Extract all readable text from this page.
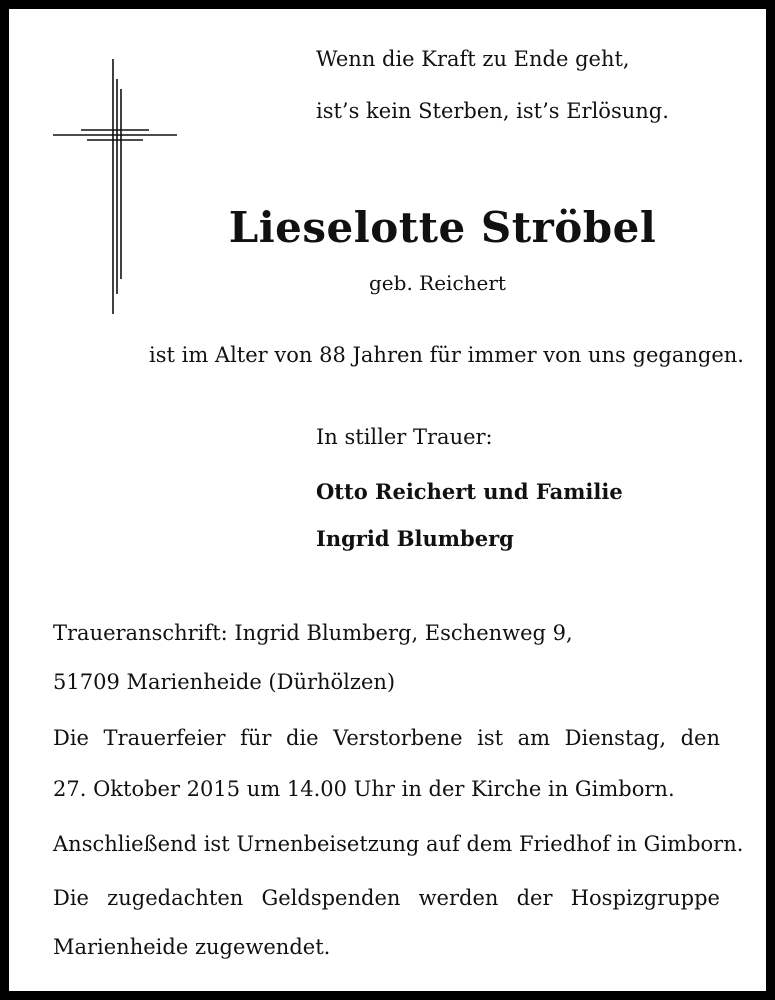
Wenn die Kraft zu Ende geht,
ist’s kein Sterben, ist’s Erlösung.
Lieselotte Ströbel
geb. Reichert
ist im Alter von 88 Jahren für immer von uns gegangen.
In stiller Trauer:
Otto Reichert und Familie
Ingrid Blumberg
Traueranschrift: Ingrid Blumberg, Eschenweg 9,
51709 Marienheide (Dürhölzen)
Die Trauerfeier für die Verstorbene ist am Dienstag, den
27. Oktober 2015 um 14.00 Uhr in der Kirche in Gimborn.
Anschließend ist Urnenbeisetzung auf dem Friedhof in Gimborn.
Die zugedachten Geldspenden werden der Hospizgruppe
Marienheide zugewendet.
